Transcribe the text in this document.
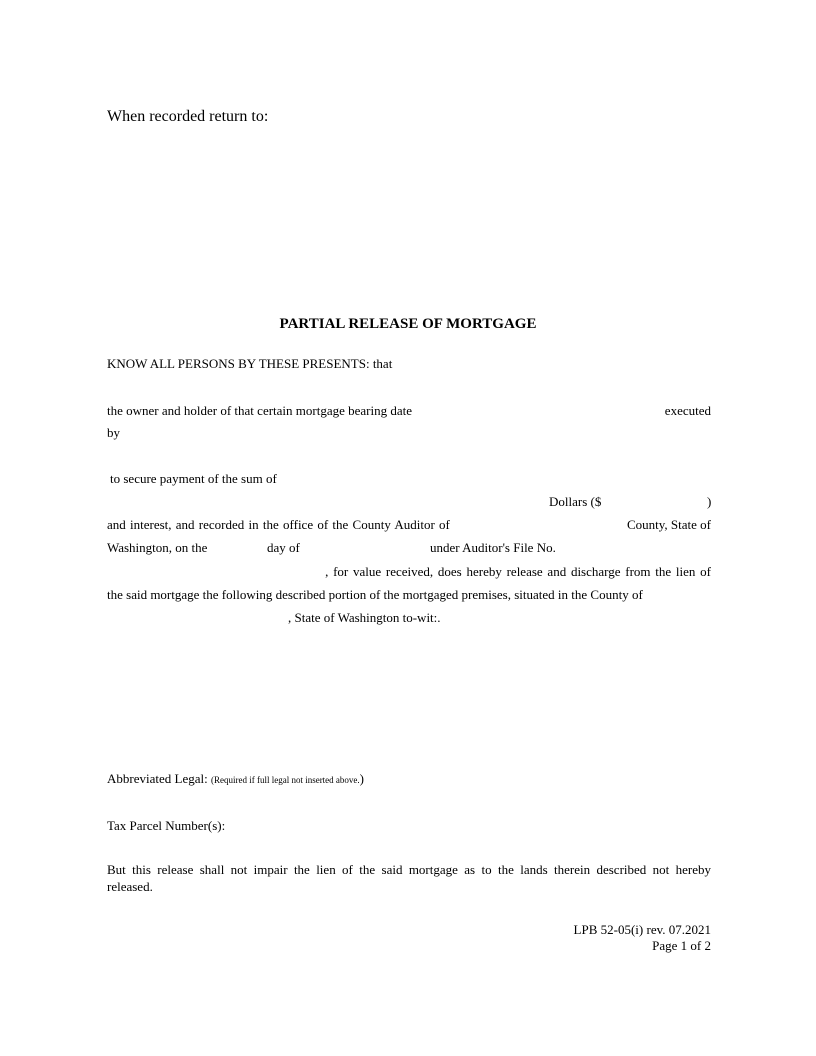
When recorded return to:
PARTIAL RELEASE OF MORTGAGE
KNOW ALL PERSONS BY THESE PRESENTS: that
the owner and holder of that certain mortgage bearing date	executed
by
to secure payment of the sum of
Dollars ($	)
and interest, and recorded in the office of the County Auditor of	County, State of
Washington, on the	day of	under Auditor's File No.
, for value received, does hereby release and discharge from the lien of
the said mortgage the following described portion of the mortgaged premises, situated in the County of
, State of Washington to-wit:.
Abbreviated Legal: (Required if full legal not inserted above.)
Tax Parcel Number(s):
But this release shall not impair the lien of the said mortgage as to the lands therein described not hereby
released.
LPB 52-05(i) rev. 07.2021
Page 1 of 2
